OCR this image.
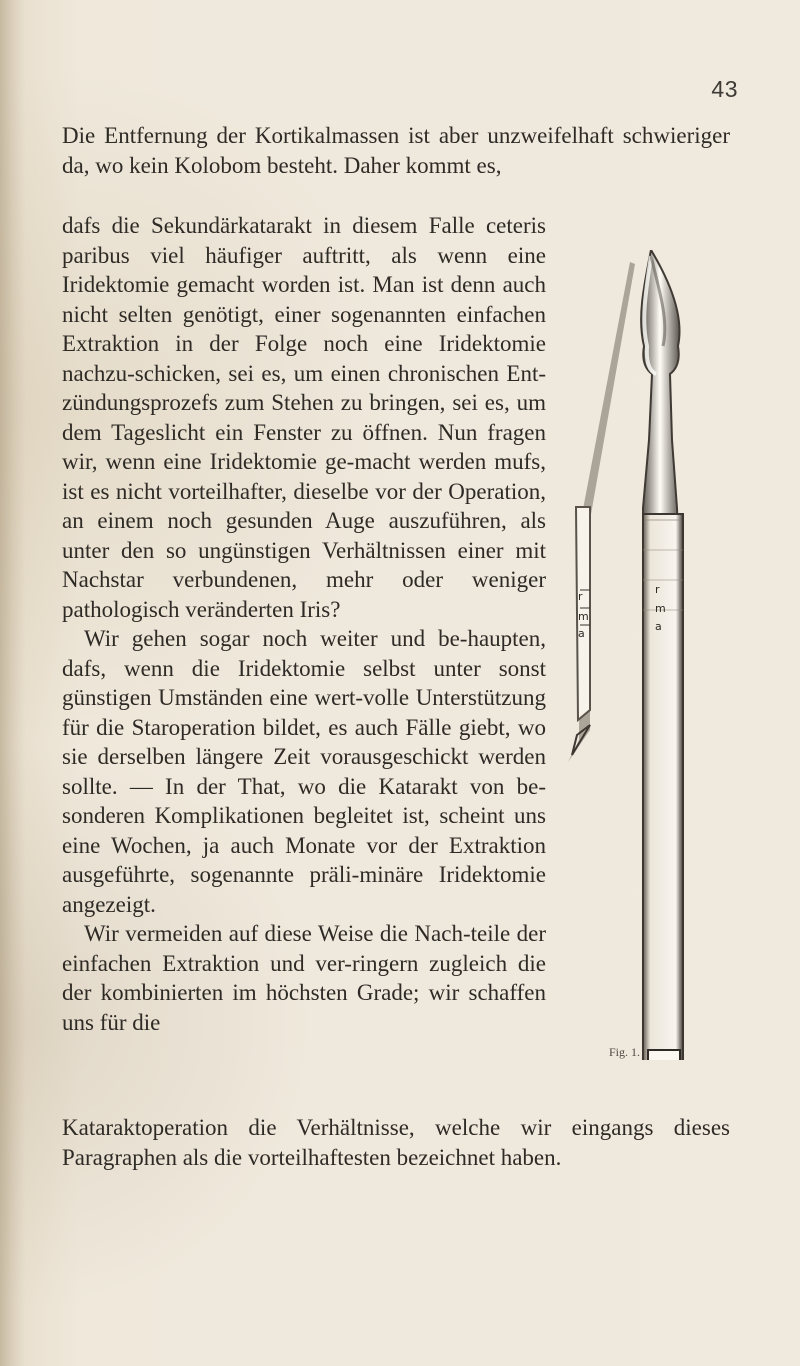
43

Die Entfernung der Kortikalmassen ist aber unzweifelhaft schwieriger da, wo kein Kolobom besteht. Daher kommt es,

dafs die Sekundärkatarakt in diesem Falle ceteris paribus viel häufiger auftritt, als wenn eine Iridektomie gemacht worden ist. Man ist denn auch nicht selten genötigt, einer sogenannten einfachen Extraktion in der Folge noch eine Iridektomie nachzu-schicken, sei es, um einen chronischen Ent-zündungsprozefs zum Stehen zu bringen, sei es, um dem Tageslicht ein Fenster zu öffnen. Nun fragen wir, wenn eine Iridektomie ge-macht werden mufs, ist es nicht vorteilhafter, dieselbe vor der Operation, an einem noch gesunden Auge auszuführen, als unter den so ungünstigen Verhältnissen einer mit Nachstar verbundenen, mehr oder weniger pathologisch veränderten Iris?

Wir gehen sogar noch weiter und be-haupten, dafs, wenn die Iridektomie selbst unter sonst günstigen Umständen eine wert-volle Unterstützung für die Staroperation bildet, es auch Fälle giebt, wo sie derselben längere Zeit vorausgeschickt werden sollte. — In der That, wo die Katarakt von be-sonderen Komplikationen begleitet ist, scheint uns eine Wochen, ja auch Monate vor der Extraktion ausgeführte, sogenannte präli-minäre Iridektomie angezeigt.

Wir vermeiden auf diese Weise die Nach-teile der einfachen Extraktion und ver-ringern zugleich die der kombinierten im höchsten Grade; wir schaffen uns für die

Kataraktoperation die Verhältnisse, welche wir eingangs dieses Paragraphen als die vorteilhaftesten bezeichnet haben.

r
m
a
r
m
a
Fig. 1.
